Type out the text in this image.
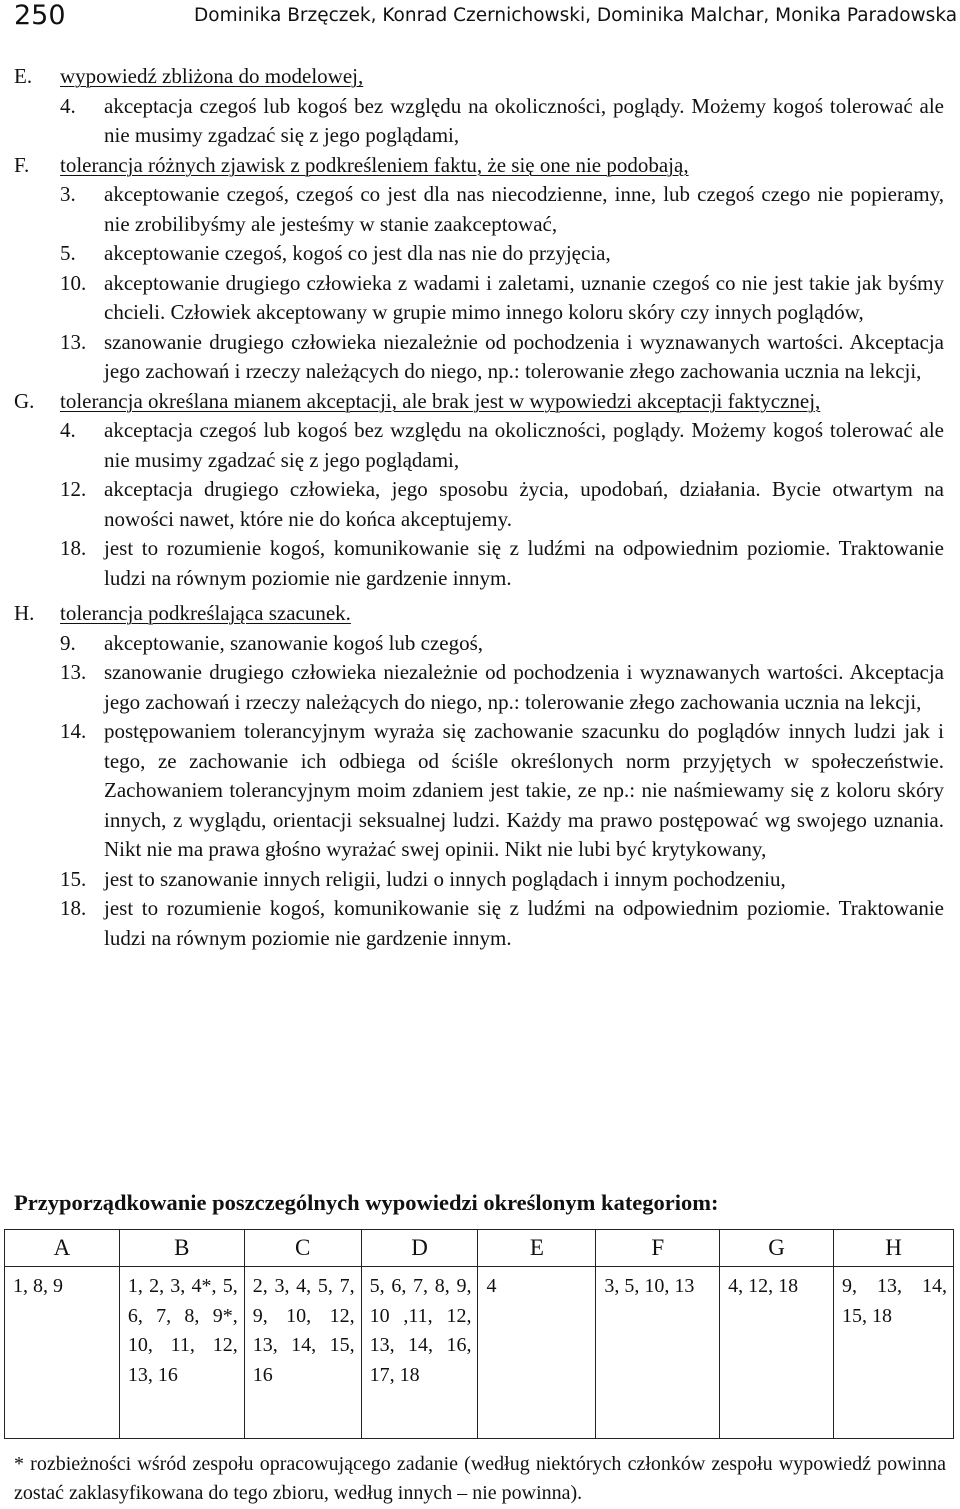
250	Dominika Brzęczek, Konrad Czernichowski, Dominika Malchar, Monika Paradowska
E. wypowiedź zbliżona do modelowej,
4. akceptacja czegoś lub kogoś bez względu na okoliczności, poglądy. Możemy kogoś tolerować ale nie musimy zgadzać się z jego poglądami,
F. tolerancja różnych zjawisk z podkreśleniem faktu, że się one nie podobają,
3. akceptowanie czegoś, czegoś co jest dla nas niecodzienne, inne, lub czegoś czego nie popieramy, nie zrobilibyśmy ale jesteśmy w stanie zaakceptować,
5. akceptowanie czegoś, kogoś co jest dla nas nie do przyjęcia,
10. akceptowanie drugiego człowieka z wadami i zaletami, uznanie czegoś co nie jest takie jak byśmy chcieli. Człowiek akceptowany w grupie mimo innego koloru skóry czy innych poglądów,
13. szanowanie drugiego człowieka niezależnie od pochodzenia i wyznawanych wartości. Akceptacja jego zachowań i rzeczy należących do niego, np.: tolerowanie złego zachowania ucznia na lekcji,
G. tolerancja określana mianem akceptacji, ale brak jest w wypowiedzi akceptacji faktycznej,
4. akceptacja czegoś lub kogoś bez względu na okoliczności, poglądy. Możemy kogoś tolerować ale nie musimy zgadzać się z jego poglądami,
12. akceptacja drugiego człowieka, jego sposobu życia, upodobań, działania. Bycie otwartym na nowości nawet, które nie do końca akceptujemy.
18. jest to rozumienie kogoś, komunikowanie się z ludźmi na odpowiednim poziomie. Traktowanie ludzi na równym poziomie nie gardzenie innym.
H. tolerancja podkreślająca szacunek.
9. akceptowanie, szanowanie kogoś lub czegoś,
13. szanowanie drugiego człowieka niezależnie od pochodzenia i wyznawanych wartości. Akceptacja jego zachowań i rzeczy należących do niego, np.: tolerowanie złego zachowania ucznia na lekcji,
14. postępowaniem tolerancyjnym wyraża się zachowanie szacunku do poglądów innych ludzi jak i tego, ze zachowanie ich odbiega od ściśle określonych norm przyjętych w społeczeństwie. Zachowaniem tolerancyjnym moim zdaniem jest takie, ze np.: nie naśmiewamy się z koloru skóry innych, z wyglądu, orientacji seksualnej ludzi. Każdy ma prawo postępować wg swojego uznania. Nikt nie ma prawa głośno wyrażać swej opinii. Nikt nie lubi być krytykowany,
15. jest to szanowanie innych religii, ludzi o innych poglądach i innym pochodzeniu,
18. jest to rozumienie kogoś, komunikowanie się z ludźmi na odpowiednim poziomie. Traktowanie ludzi na równym poziomie nie gardzenie innym.
Przyporządkowanie poszczególnych wypowiedzi określonym kategoriom:
A	B	C	D	E	F	G	H
1, 8, 9	1, 2, 3, 4*, 5, 6, 7, 8, 9*, 10, 11, 12, 13, 16	2, 3, 4, 5, 7, 9, 10, 12, 13, 14, 15, 16	5, 6, 7, 8, 9, 10 ,11, 12, 13, 14, 16, 17, 18	4	3, 5, 10, 13	4, 12, 18	9, 13, 14, 15, 18
* rozbieżności wśród zespołu opracowującego zadanie (według niektórych członków zespołu wypowiedź powinna zostać zaklasyfikowana do tego zbioru, według innych – nie powinna).
